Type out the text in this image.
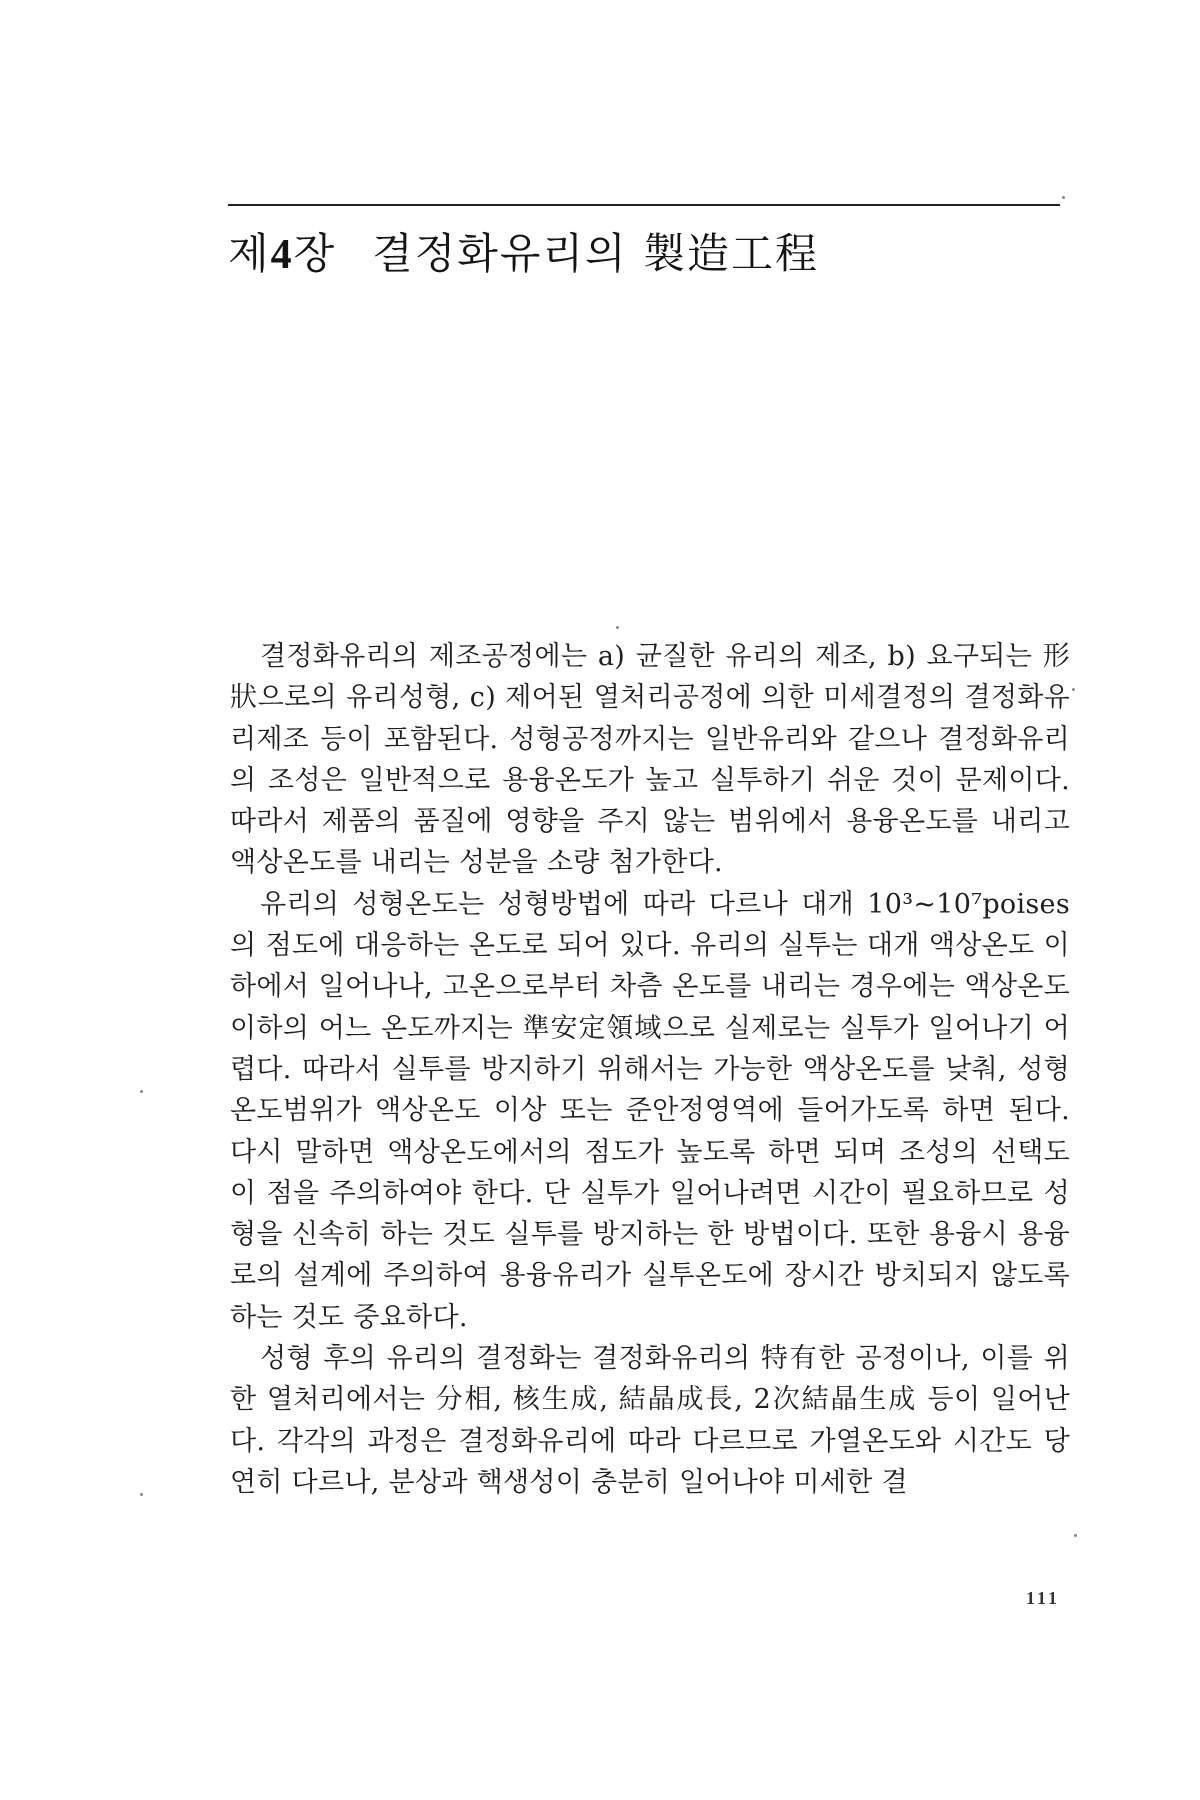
제4장 결정화유리의 製造工程

결정화유리의 제조공정에는 a) 균질한 유리의 제조, b) 요구되는 形狀으로의 유리성형, c) 제어된 열처리공정에 의한 미세결정의 결정화유리제조 등이 포함된다. 성형공정까지는 일반유리와 같으나 결정화유리의 조성은 일반적으로 용융온도가 높고 실투하기 쉬운 것이 문제이다. 따라서 제품의 품질에 영향을 주지 않는 범위에서 용융온도를 내리고 액상온도를 내리는 성분을 소량 첨가한다.

유리의 성형온도는 성형방법에 따라 다르나 대개 10³~10⁷poises의 점도에 대응하는 온도로 되어 있다. 유리의 실투는 대개 액상온도 이하에서 일어나나, 고온으로부터 차츰 온도를 내리는 경우에는 액상온도 이하의 어느 온도까지는 準安定領域으로 실제로는 실투가 일어나기 어렵다. 따라서 실투를 방지하기 위해서는 가능한 액상온도를 낮춰, 성형온도범위가 액상온도 이상 또는 준안정영역에 들어가도록 하면 된다. 다시 말하면 액상온도에서의 점도가 높도록 하면 되며 조성의 선택도 이 점을 주의하여야 한다. 단 실투가 일어나려면 시간이 필요하므로 성형을 신속히 하는 것도 실투를 방지하는 한 방법이다. 또한 용융시 용융로의 설계에 주의하여 용융유리가 실투온도에 장시간 방치되지 않도록 하는 것도 중요하다.

성형 후의 유리의 결정화는 결정화유리의 特有한 공정이나, 이를 위한 열처리에서는 分相, 核生成, 結晶成長, 2次結晶生成 등이 일어난다. 각각의 과정은 결정화유리에 따라 다르므로 가열온도와 시간도 당연히 다르나, 분상과 핵생성이 충분히 일어나야 미세한 결

111
